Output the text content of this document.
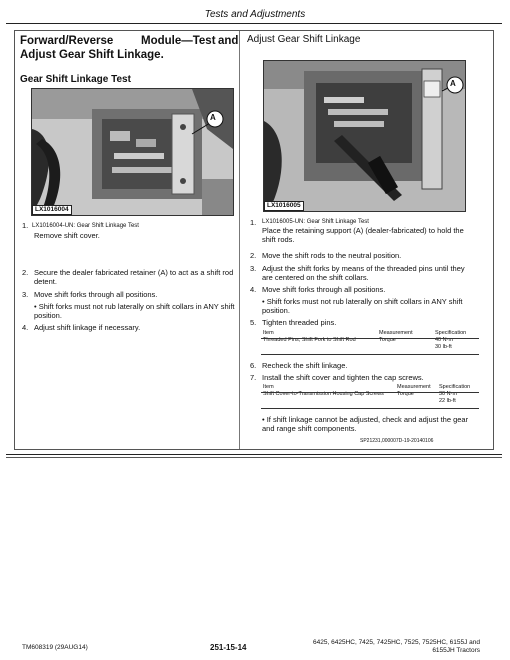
Tests and Adjustments
Forward/Reverse Module—Test and
Adjust Gear Shift Linkage.
Gear Shift Linkage Test
A
LX1016004
LX1016004-UN: Gear Shift Linkage Test
1.
Remove shift cover.
2. Secure the dealer fabricated retainer (A) to act as a shift rod
detent.
3. Move shift forks through all positions.
• Shift forks must not rub laterally on shift collars in ANY shift
position.
4. Adjust shift linkage if necessary.
Adjust Gear Shift Linkage
A
LX1016005
1. LX1016005-UN: Gear Shift Linkage Test
Place the retaining support (A) (dealer-fabricated) to hold the
shift rods.
2. Move the shift rods to the neutral position.
3. Adjust the shift forks by means of the threaded pins until they
are centered on the shift collars.
4. Move shift forks through all positions.
• Shift forks must not rub laterally on shift collars in ANY shift
position.
5. Tighten threaded pins.
Item	Measurement	Specification
Threaded Pins, Shift Fork to Shift Rod	Torque	40 N·m
30 lb-ft
6. Recheck the shift linkage.
7. Install the shift cover and tighten the cap screws.
Item	Measurement	Specification
Shift Cover-to-Transmission Housing Cap Screws	Torque	30 N·m
22 lb-ft
• If shift linkage cannot be adjusted, check and adjust the gear
and range shift components.
SP21231,000007D-19-20140106
TM608319 (29AUG14)	251-15-14
6425, 6425HC, 7425, 7425HC, 7525, 7525HC, 6155J and
6155JH Tractors
